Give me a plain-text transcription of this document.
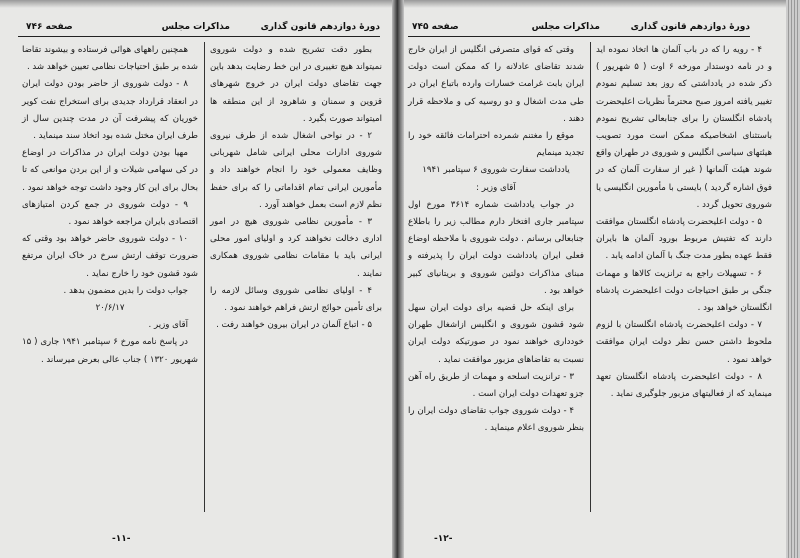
دورهٔ دوازدهم قانون گذاری
مذاکرات مجلس
صفحه ۷۴۶

بطور دقت تشریح شده و دولت شوروی نمیتواند هیچ تغییری در این خط رضایت بدهد باین جهت تقاضای دولت ایران در خروج شهرهای قزوین و سمنان و شاهرود از این منطقه ها امیتواند صورت بگیرد .

۲ - در نواحی اشغال شده از طرف نیروی شوروی ادارات محلی ایرانی شامل شهربانی وظایف معمولی خود را انجام خواهند داد و مأمورین ایرانی تمام اقداماتی را که برای حفظ نظم لازم است بعمل خواهند آورد .

۳ - مأمورین نظامی شوروی هیچ در امور اداری دخالت نخواهند کرد و اولیای امور محلی ایرانی باید با مقامات نظامی شوروی همکاری نمایند .

۴ - اولیای نظامی شوروی وسائل لازمه را برای تأمین حوائج ارتش فراهم خواهند نمود .

۵ - اتباع آلمان در ایران بیرون خواهند رفت .

همچنین راههای هوائی فرستاده و بیشوند تقاضا شده بر طبق احتیاجات نظامی تعیین خواهد شد .

۸ - دولت شوروی از حاضر بودن دولت ایران در انعقاد قرارداد جدیدی برای استخراج نفت کویر خوریان که پیشرفت آن در مدت چندین سال از طرف ایران مختل شده بود اتخاذ سند مینماید .

مهیا بودن دولت ایران در مذاکرات در اوضاع در کی سهامی شیلات و از این بردن موانعی که تا بحال برای این کار وجود داشت توجه خواهد نمود .

۹ - دولت شوروی در جمع کردن امتیازهای اقتصادی بایران مراجعه خواهد نمود .

۱۰ - دولت شوروی حاضر خواهد بود وقتی که ضرورت توقف ارتش سرخ در خاک ایران مرتفع شود قشون خود را خارج نماید .

جواب دولت را بدین مضمون بدهد .

۲۰/۶/۱۷

آقای وزیر .

در پاسخ نامه مورخ ۶ سپتامبر ۱۹۴۱ جاری ( ۱۵ شهریور ۱۳۲۰ ) جناب عالی بعرض میرساند .

-۱۱-
دورهٔ دوازدهم قانون گذاری
مذاکرات مجلس
صفحه ۷۴۵

۴ - رویه را که در باب آلمان ها اتخاذ نموده اید و در نامه دوستدار مورخه ۶ اوت ( ۵ شهریور ) ذکر شده در یادداشتی که روز بعد تسلیم نمودم تغییر یافته امروز صبح محترماً نظریات اعلیحضرت پادشاه انگلستان را برای جنابعالی تشریح نمودم باستثنای اشخاصیکه ممکن است مورد تصویب هیئتهای سیاسی انگلیس و شوروی در طهران واقع شوند هیئت آلمانها ( غیر از سفارت آلمان که در فوق اشاره گردید ) بایستی با مأمورین انگلیسی یا شوروی تحویل گردد .

۵ - دولت اعلیحضرت پادشاه انگلستان موافقت دارند که تفتیش مربوط بورود آلمان ها بایران فقط عهده بطور مدت جنگ با آلمان ادامه یابد .

۶ - تسهیلات راجع به ترانزیت کالاها و مهمات جنگی بر طبق احتیاجات دولت اعلیحضرت پادشاه انگلستان خواهد بود .

۷ - دولت اعلیحضرت پادشاه انگلستان با لزوم ملحوظ داشتن حسن نظر دولت ایران موافقت خواهد نمود .

۸ - دولت اعلیحضرت پادشاه انگلستان تعهد مینماید که از فعالیتهای مزبور جلوگیری نماید .

وقتی که قوای متصرفی انگلیس از ایران خارج شدند تقاضای عادلانه را که ممکن است دولت ایران بابت غرامت خسارات وارده باتباع ایران در طی مدت اشغال و دو روسیه کی و ملاحظه قرار دهند .

موقع را مغتنم شمرده احترامات فائقه خود را تجدید مینمایم

یادداشت سفارت شوروی ۶ سپتامبر ۱۹۴۱

آقای وزیر :

در جواب یادداشت شماره ۳۶۱۴ مورخ اول سپتامبر جاری افتخار دارم مطالب زیر را باطلاع جنابعالی برسانم . دولت شوروی با ملاحظه اوضاع فعلی ایران یادداشت دولت ایران را پذیرفته و مبنای مذاکرات دولتین شوروی و بریتانیای کبیر خواهد بود .

برای اینکه حل قضیه برای دولت ایران سهل شود قشون شوروی و انگلیس ازاشغال طهران خودداری خواهند نمود در صورتیکه دولت ایران نسبت به تقاضاهای مزبور موافقت نماید .

۳ - ترانزیت اسلحه و مهمات از طریق راه آهن جزو تعهدات دولت ایران است .

۴ - دولت شوروی جواب تقاضای دولت ایران را بنظر شوروی اعلام مینماید .

-۱۲-
